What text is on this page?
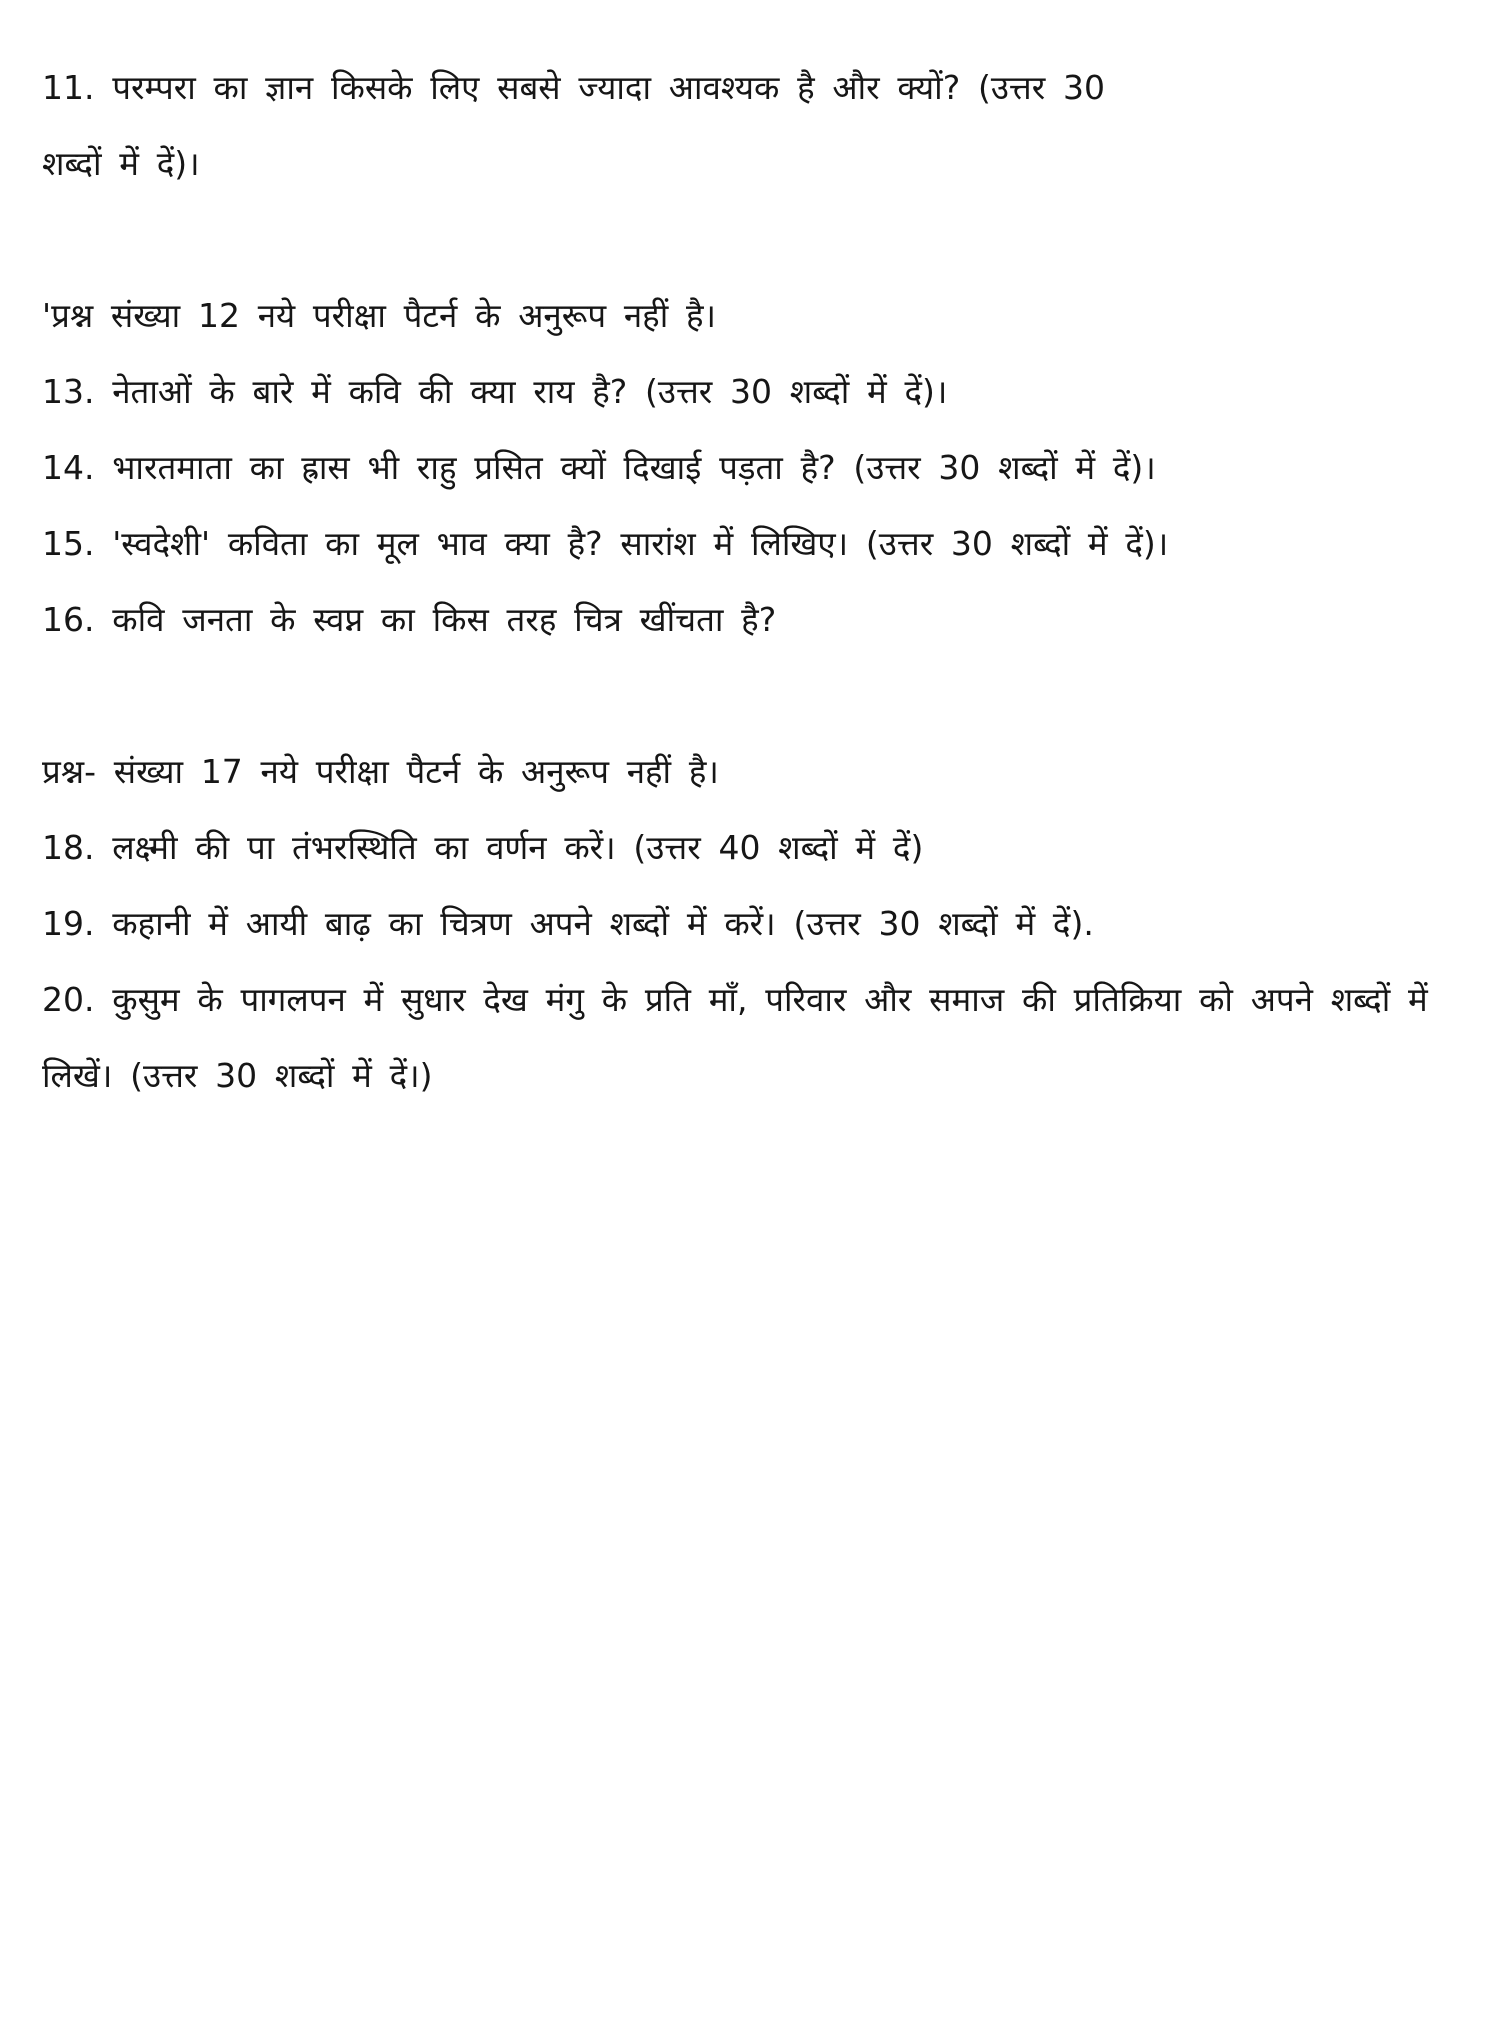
11. परम्परा का ज्ञान किसके लिए सबसे ज्यादा आवश्यक है और क्यों? (उत्तर 30 शब्दों में दें)।

'प्रश्न संख्या 12 नये परीक्षा पैटर्न के अनुरूप नहीं है।

13. नेताओं के बारे में कवि की क्या राय है? (उत्तर 30 शब्दों में दें)।

14. भारतमाता का ह्रास भी राहु प्रसित क्यों दिखाई पड़ता है? (उत्तर 30 शब्दों में दें)।

15. 'स्वदेशी' कविता का मूल भाव क्या है? सारांश में लिखिए। (उत्तर 30 शब्दों में दें)।

16. कवि जनता के स्वप्न का किस तरह चित्र खींचता है?

प्रश्न- संख्या 17 नये परीक्षा पैटर्न के अनुरूप नहीं है।

18. लक्ष्मी की पा तंभरस्थिति का वर्णन करें। (उत्तर 40 शब्दों में दें)

19. कहानी में आयी बाढ़ का चित्रण अपने शब्दों में करें। (उत्तर 30 शब्दों में दें).

20. कुसुम के पागलपन में सुधार देख मंगु के प्रति माँ, परिवार और समाज की प्रतिक्रिया को अपने शब्दों में लिखें। (उत्तर 30 शब्दों में दें।)
